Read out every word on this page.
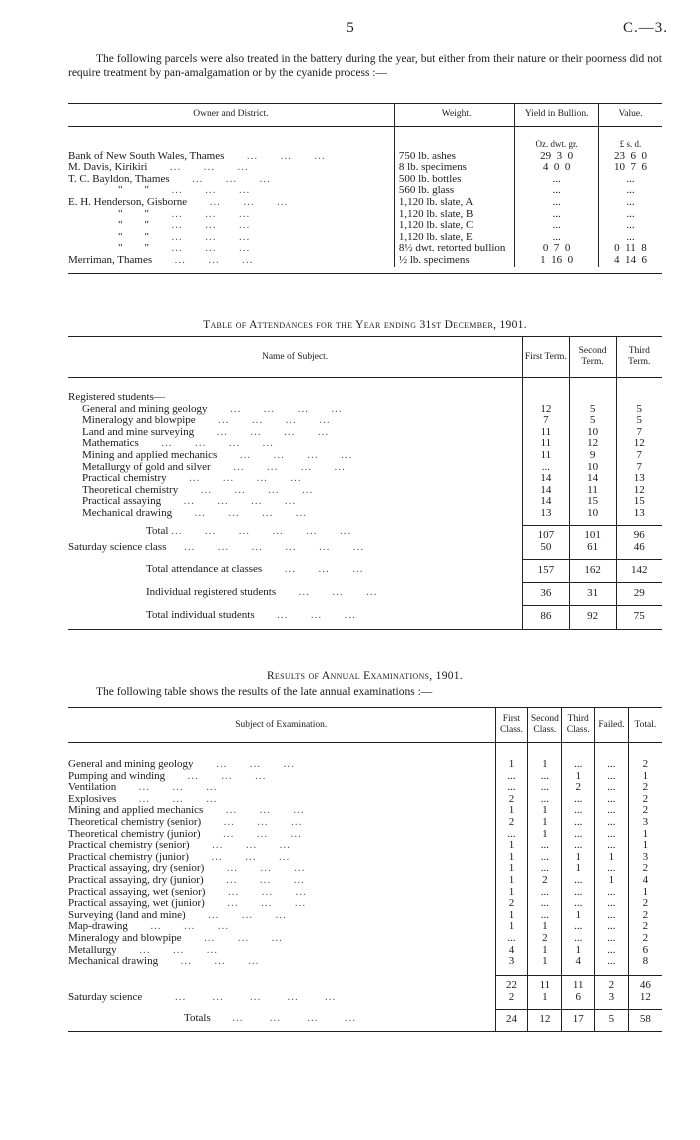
5	C.—3.

The following parcels were also treated in the battery during the year, but either from their nature or their poorness did not require treatment by pan-amalgamation or by the cyanide process :—

Owner and District.	Weight.	Yield in Bullion.	Value.

		Oz. dwt. gr.	£ s. d.
Bank of New South Wales, Thames      ...      ...      ...	750 lb. ashes	29  3  0	23  6  0
M. Davis, Kirikiri      ...      ...      ...	8 lb. specimens	4  0  0	10  7  6
T. C. Bayldon, Thames      ...      ...      ...	500 lb. bottles	...	...
"        "      ...      ...      ...	560 lb. glass	...	...
E. H. Henderson, Gisborne      ...      ...      ...	1,120 lb. slate, A	...	...
"        "      ...      ...      ...	1,120 lb. slate, B	...	...
"        "      ...      ...      ...	1,120 lb. slate, C	...	...
"        "      ...      ...      ...	1,120 lb. slate, E	...	...
"        "      ...      ...      ...	8½ dwt. retorted bullion	0  7  0	0  11  8
Merriman, Thames      ...      ...      ...	½ lb. specimens	1  16  0	4  14  6

Table of Attendances for the Year ending 31st December, 1901.

Name of Subject.	First Term.	Second Term.	Third Term.

Registered students—			
General and mining geology      ...      ...      ...      ...	12	5	5
Mineralogy and blowpipe      ...      ...      ...      ...	7	5	5
Land and mine surveying      ...      ...      ...      ...	11	10	7
Mathematics      ...      ...      ...      ...	11	12	12
Mining and applied mechanics      ...      ...      ...      ...	11	9	7
Metallurgy of gold and silver      ...      ...      ...      ...	...	10	7
Practical chemistry      ...      ...      ...      ...	14	14	13
Theoretical chemistry      ...      ...      ...      ...	14	11	12
Practical assaying      ...      ...      ...      ...	14	15	15
Mechanical drawing      ...      ...      ...      ...	13	10	13

Total ...      ...      ...      ...      ...      ...	107	101	96
Saturday science class     ...      ...      ...      ...      ...      ...	50	61	46

Total attendance at classes      ...      ...      ...	157	162	142

Individual registered students      ...      ...      ...	36	31	29

Total individual students      ...      ...      ...	86	92	75

Results of Annual Examinations, 1901.
The following table shows the results of the late annual examinations :—

Subject of Examination.	First Class.	Second Class.	Third Class.	Failed.	Total.

General and mining geology      ...      ...      ...	1	1	...	...	2
Pumping and winding      ...      ...      ...	...	...	1	...	1
Ventilation      ...      ...      ...	...	...	2	...	2
Explosives      ...      ...      ...	2	...	...	...	2
Mining and applied mechanics      ...      ...      ...	1	1	...	...	2
Theoretical chemistry (senior)      ...      ...      ...	2	1	...	...	3
Theoretical chemistry (junior)      ...      ...      ...	...	1	...	...	1
Practical chemistry (senior)      ...      ...      ...	1	...	...	...	1
Practical chemistry (junior)      ...      ...      ...	1	...	1	1	3
Practical assaying, dry (senior)      ...      ...      ...	1	...	1	...	2
Practical assaying, dry (junior)      ...      ...      ...	1	2	...	1	4
Practical assaying, wet (senior)      ...      ...      ...	1	...	...	...	1
Practical assaying, wet (junior)      ...      ...      ...	2	...	...	...	2
Surveying (land and mine)      ...      ...      ...	1	...	1	...	2
Map-drawing      ...      ...      ...	1	1	...	...	2
Mineralogy and blowpipe      ...      ...      ...	...	2	...	...	2
Metallurgy      ...      ...      ...	4	1	1	...	6
Mechanical drawing      ...      ...      ...	3	1	4	...	8

	22	11	11	2	46
Saturday science         ...       ...       ...       ...       ...	2	1	6	3	12

Totals      ...       ...       ...       ...	24	12	17	5	58
